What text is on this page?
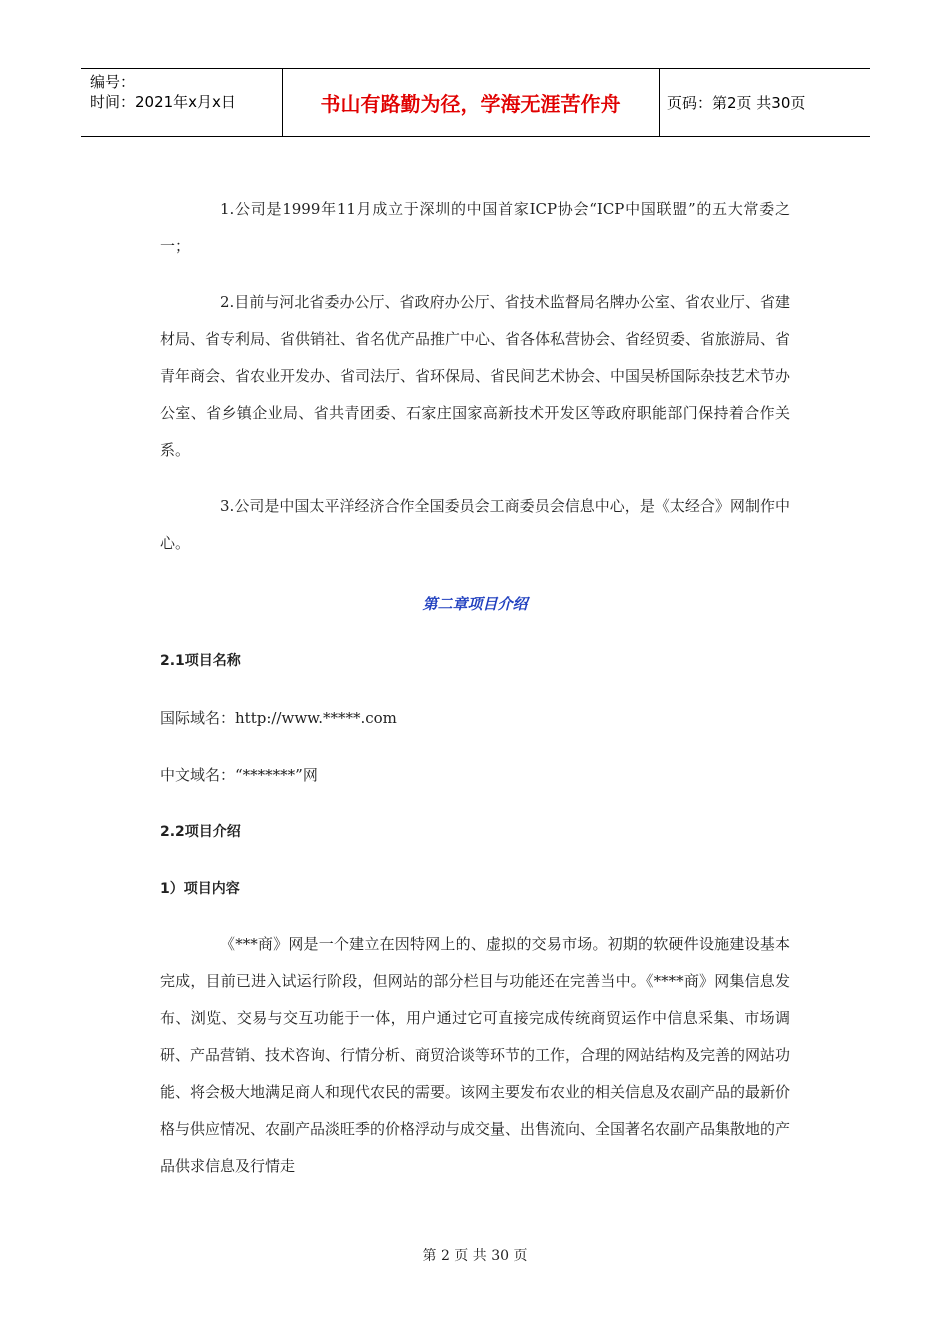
编号：
时间：2021年x月x日	书山有路勤为径，学海无涯苦作舟	页码：第2页 共30页

1.公司是1999年11月成立于深圳的中国首家ICP协会“ICP中国联盟”的五大常委之一；

2.目前与河北省委办公厅、省政府办公厅、省技术监督局名牌办公室、省农业厅、省建材局、省专利局、省供销社、省名优产品推广中心、省各体私营协会、省经贸委、省旅游局、省青年商会、省农业开发办、省司法厅、省环保局、省民间艺术协会、中国吴桥国际杂技艺术节办公室、省乡镇企业局、省共青团委、石家庄国家高新技术开发区等政府职能部门保持着合作关系。

3.公司是中国太平洋经济合作全国委员会工商委员会信息中心，是《太经合》网制作中心。

第二章项目介绍

2.1项目名称

国际域名：http://www.*****.com

中文域名：“*******”网

2.2项目介绍

1）项目内容

《***商》网是一个建立在因特网上的、虚拟的交易市场。初期的软硬件设施建设基本完成，目前已进入试运行阶段，但网站的部分栏目与功能还在完善当中。《****商》网集信息发布、浏览、交易与交互功能于一体，用户通过它可直接完成传统商贸运作中信息采集、市场调研、产品营销、技术咨询、行情分析、商贸洽谈等环节的工作，合理的网站结构及完善的网站功能、将会极大地满足商人和现代农民的需要。该网主要发布农业的相关信息及农副产品的最新价格与供应情况、农副产品淡旺季的价格浮动与成交量、出售流向、全国著名农副产品集散地的产品供求信息及行情走

第 2 页 共 30 页
